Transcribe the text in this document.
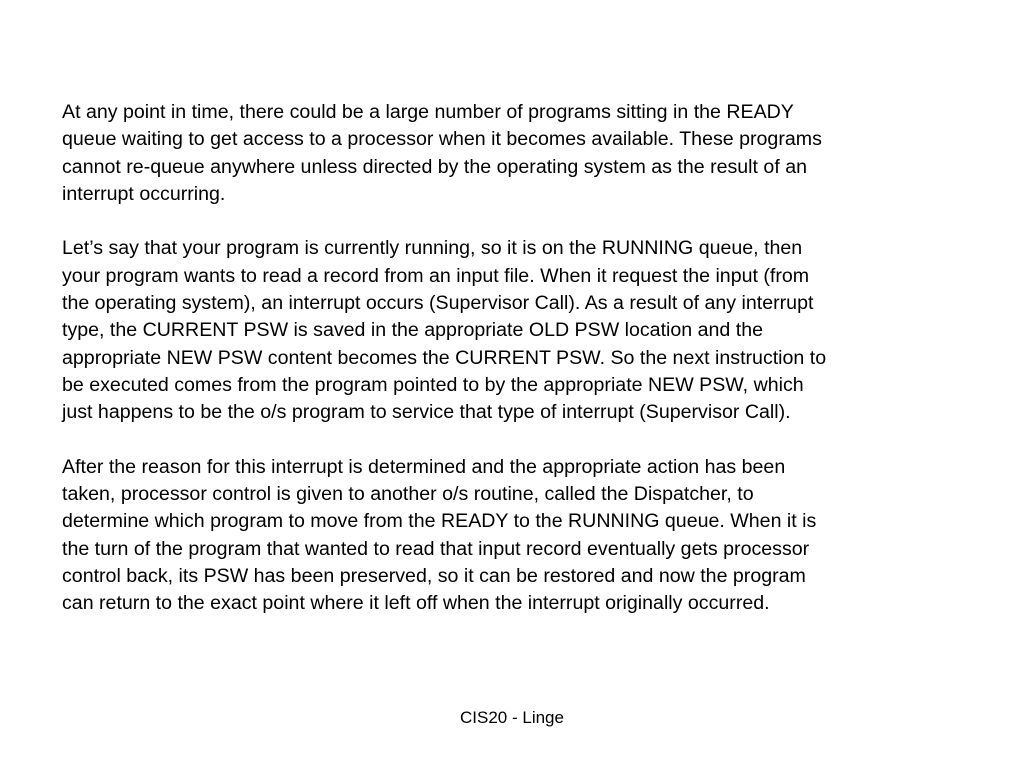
At any point in time, there could be a large number of programs sitting in the READY
queue waiting to get access to a processor when it becomes available. These programs
cannot re-queue anywhere unless directed by the operating system as the result of an
interrupt occurring.

Let’s say that your program is currently running, so it is on the RUNNING queue, then
your program wants to read a record from an input file. When it request the input (from
the operating system), an interrupt occurs (Supervisor Call). As a result of any interrupt
type, the CURRENT PSW is saved in the appropriate OLD PSW location and the
appropriate NEW PSW content becomes the CURRENT PSW. So the next instruction to
be executed comes from the program pointed to by the appropriate NEW PSW, which
just happens to be the o/s program to service that type of interrupt (Supervisor Call).

After the reason for this interrupt is determined and the appropriate action has been
taken, processor control is given to another o/s routine, called the Dispatcher, to
determine which program to move from the READY to the RUNNING queue. When it is
the turn of the program that wanted to read that input record eventually gets processor
control back, its PSW has been preserved, so it can be restored and now the program
can return to the exact point where it left off when the interrupt originally occurred.

CIS20 - Linge
